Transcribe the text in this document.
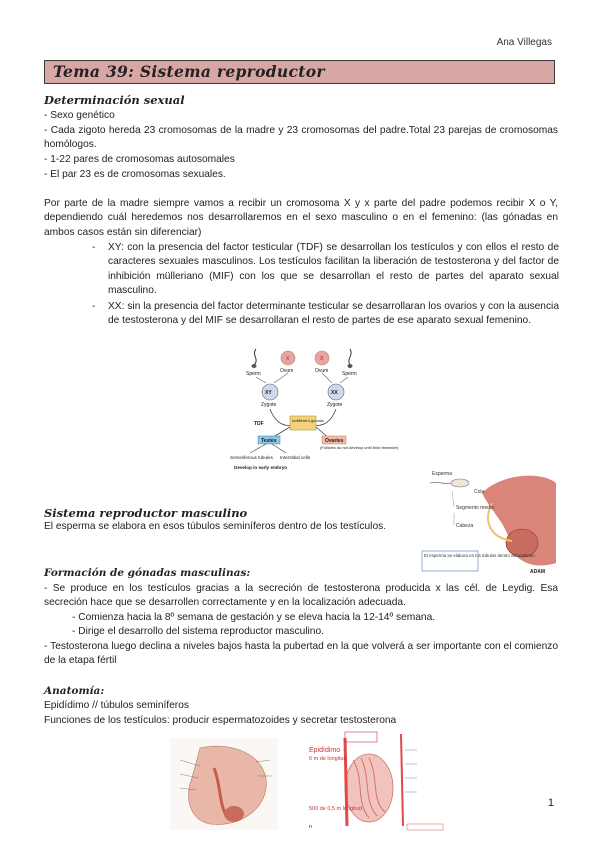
Ana Villegas
Tema 39: Sistema reproductor
Determinación sexual
- Sexo genético
- Cada zigoto hereda 23 cromosomas de la madre y 23 cromosomas del padre.Total 23 parejas de cromosomas homólogos.
- 1-22 pares de cromosomas autosomales
- El par 23 es de cromosomas sexuales.
Por parte de la madre siempre vamos a recibir un cromosoma X y x parte del padre podemos recibir X o Y, dependiendo cuál heredemos nos desarrollaremos en el sexo masculino o en el femenino: (las gónadas en ambos casos están sin diferenciar)
- XY: con la presencia del factor testicular (TDF) se desarrollan los testículos y con ellos el resto de caracteres sexuales masculinos. Los testículos facilitan la liberación de testosterona y del factor de inhibición mülleriano (MIF) con los que se desarrollan el resto de partes del aparato sexual masculino.
- XX: sin la presencia del factor determinante testicular se desarrollaran los ovarios y con la ausencia de testosterona y del MIF se desarrollaran el resto de partes de ese aparato sexual femenino.
Sperm
X
Ovum
XY
Zygote
X
Ovum	Sperm
XX
Zygote
Indifferent gonads
TDF
Testes	Ovaries
(Follicles do not develop until third trimester)
Seminiferous tubules Interstitial cells
Develop in early embryo
Esperma
Cola
Segmento medio
Cabeza
El esperma se elabora en los túbulos dentro del testículo
ADAM
Sistema reproductor masculino
El esperma se elabora en esos túbulos seminíferos dentro de los testículos.
Formación de gónadas masculinas:
- Se produce en los testículos gracias a la secreción de testosterona producida x las cél. de Leydig. Esa secreción hace que se desarrollen correctamente y en la localización adecuada.
- Comienza hacia la 8º semana de gestación y se eleva hacia la 12-14º semana.
- Dirige el desarrollo del sistema reproductor masculino.
- Testosterona luego declina a niveles bajos hasta la pubertad en la que volverá a ser importante con el comienzo de la etapa fértil
Anatomía:
Epidídimo // túbulos seminíferos
Funciones de los testículos: producir espermatozoides y secretar testosterona
Epidídimo
6 m de longitud
500 de 0,5 m longitud
n
1
